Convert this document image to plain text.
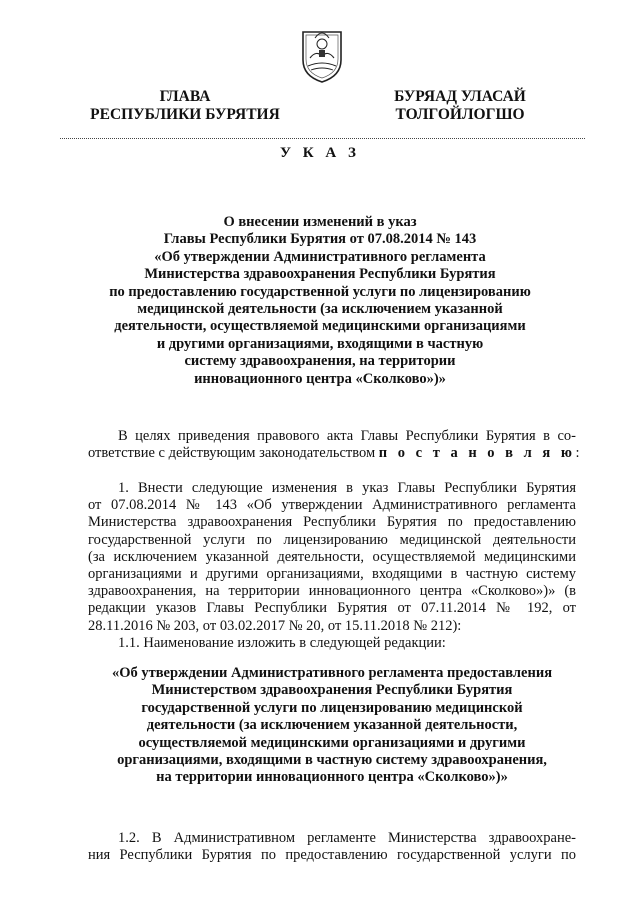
ГЛАВА
РЕСПУБЛИКИ БУРЯТИЯ
БУРЯАД УЛАСАЙ
ТОЛГОЙЛОГШО
У К А З
О внесении изменений в указ
Главы Республики Бурятия от 07.08.2014 № 143
«Об утверждении Административного регламента
Министерства здравоохранения Республики Бурятия
по предоставлению государственной услуги по лицензированию
медицинской деятельности (за исключением указанной
деятельности, осуществляемой медицинскими организациями
и другими организациями, входящими в частную
систему здравоохранения, на территории
инновационного центра «Сколково»)»
В целях приведения правового акта Главы Республики Бурятия в со-
ответствие с действующим законодательством п о с т а н о в л я ю:
1. Внести следующие изменения в указ Главы Республики Бурятия
от 07.08.2014 № 143 «Об утверждении Административного регламента
Министерства здравоохранения Республики Бурятия по предоставлению
государственной услуги по лицензированию медицинской деятельности
(за исключением указанной деятельности, осуществляемой медицинскими
организациями и другими организациями, входящими в частную систему
здравоохранения, на территории инновационного центра «Сколково»)» (в
редакции указов Главы Республики Бурятия от 07.11.2014 № 192, от
28.11.2016 № 203, от 03.02.2017 № 20, от 15.11.2018 № 212):
1.1. Наименование изложить в следующей редакции:
«Об утверждении Административного регламента предоставления
Министерством здравоохранения Республики Бурятия
государственной услуги по лицензированию медицинской
деятельности (за исключением указанной деятельности,
осуществляемой медицинскими организациями и другими
организациями, входящими в частную систему здравоохранения,
на территории инновационного центра «Сколково»)»
1.2. В Административном регламенте Министерства здравоохране-
ния Республики Бурятия по предоставлению государственной услуги по
